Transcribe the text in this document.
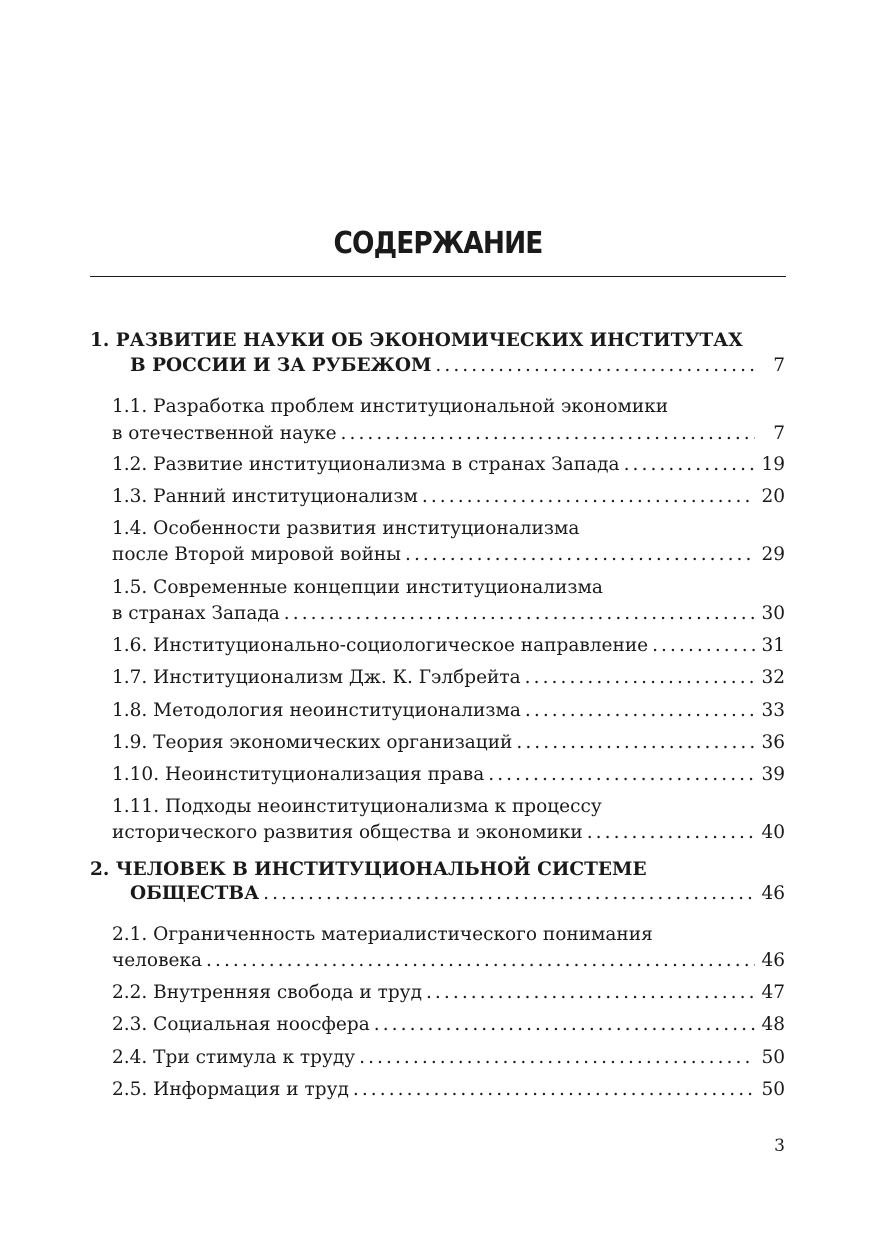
СОДЕРЖАНИЕ
1. РАЗВИТИЕ НАУКИ ОБ ЭКОНОМИЧЕСКИХ ИНСТИТУТАХ
В РОССИИ И ЗА РУБЕЖОМ . . .	7
1.1. Разработка проблем институциональной экономики
в отечественной науке . . .	7
1.2. Развитие институционализма в странах Запада . . .	19
1.3. Ранний институционализм . . .	20
1.4. Особенности развития институционализма
после Второй мировой войны . . .	29
1.5. Современные концепции институционализма
в странах Запада . . .	30
1.6. Институционально-социологическое направление . . .	31
1.7. Институционализм Дж. К. Гэлбрейта . . .	32
1.8. Методология неоинституционализма . . .	33
1.9. Теория экономических организаций . . .	36
1.10. Неоинституционализация права . . .	39
1.11. Подходы неоинституционализма к процессу
исторического развития общества и экономики . . .	40
2. ЧЕЛОВЕК В ИНСТИТУЦИОНАЛЬНОЙ СИСТЕМЕ
ОБЩЕСТВА . . .	46
2.1. Ограниченность материалистического понимания
человека . . .	46
2.2. Внутренняя свобода и труд . . .	47
2.3. Социальная ноосфера . . .	48
2.4. Три стимула к труду . . .	50
2.5. Информация и труд . . .	50
3
